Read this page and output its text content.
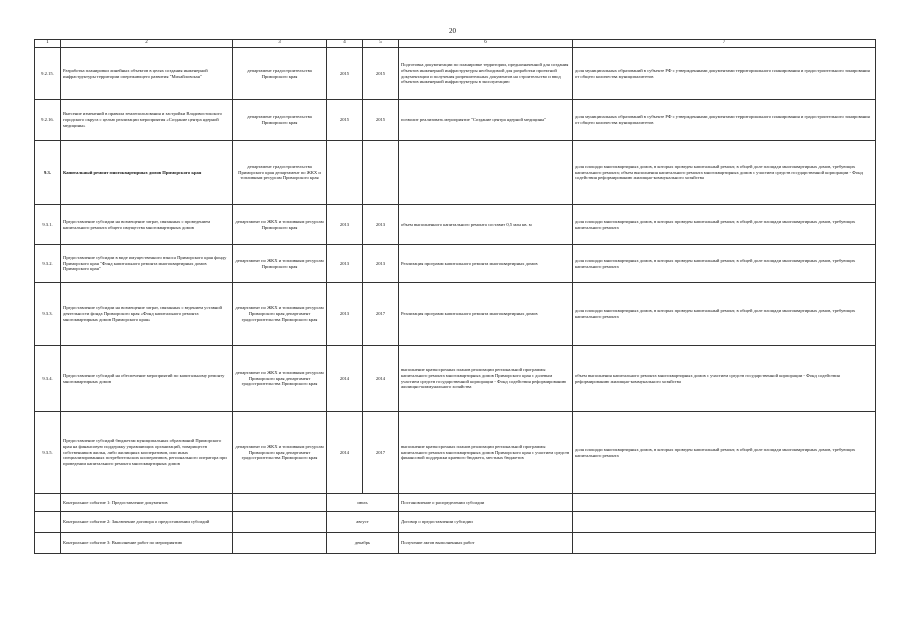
20
1	2	3	4	5	6	7
9.2.15.	Разработка планировки линейных объектов в целях создания инженерной инфраструктуры территории опережающего развития "Михайловская"	департамент градостроительства Приморского края	2015	2015	Подготовка документации по планировке территории, предназначенной для создания объектов инженерной инфраструктуры необходимой для разработки проектной документации и получения разрешительных документов на строительство и ввод объектов инженерной инфраструктуры в эксплуатацию	доля муниципальных образований в субъекте РФ с утвержденными документами территориального планирования и градостроительного зонирования от общего количества муниципалитетов
9.2.16.	Внесение изменений в правила землепользования и застройки Владивостокского городского округа с целью реализации мероприятия «Создание центра ядерной медицины»	департамент градостроительства Приморского края	2015	2015	позволит реализовать мероприятие "Создание центра ядерной медицины"	доля муниципальных образований в субъекте РФ с утвержденными документами территориального планирования и градостроительного зонирования от общего количества муниципалитетов
9.3.	Капитальный ремонт многоквартирных домов Приморского края	департамент градостроительства Приморского края департамент по ЖКХ и топливным ресурсам Приморского края				доля площади многоквартирных домов, в которых проведен капитальный ремонт, в общей доле площади многоквартирных домов, требующих капитального ремонта; объем выполнения капитального ремонта многоквартирных домов с участием средств государственной корпорации - Фонд содействия реформированию жилищно-коммунального хозяйства
9.3.1.	Предоставление субсидии на возмещение затрат, связанных с проведением капитального ремонта общего имущества многоквартирных домов	департамент по ЖКХ и топливным ресурсам Приморского края	2013	2013	объем выполненного капитального ремонта составит 0,5 млн кв. м	доля площади многоквартирных домов, в которых проведен капитальный ремонт, в общей доле площади многоквартирных домов, требующих капитального ремонта
9.3.2.	Предоставление субсидии в виде имущественного взноса Приморского края фонду Приморского края "Фонд капитального ремонта многоквартирных домов Приморского края"	департамент по ЖКХ и топливным ресурсам Приморского края	2013	2013	Реализация программ капитального ремонта многоквартирных домов	доля площади многоквартирных домов, в которых проведен капитальный ремонт, в общей доле площади многоквартирных домов, требующих капитального ремонта
9.3.3.	Предоставление субсидии на возмещение затрат, связанных с ведением уставной деятельности фонда Приморского края «Фонд капитального ремонта многоквартирных домов Приморского края»	департамент по ЖКХ и топливным ресурсам Приморского края департамент градостроительства Приморского края	2013	2017	Реализация программ капитального ремонта многоквартирных домов	доля площади многоквартирных домов, в которых проведен капитальный ремонт, в общей доле площади многоквартирных домов, требующих капитального ремонта
9.3.4.	Предоставление субсидий на обеспечение мероприятий по капитальному ремонту многоквартирных домов	департамент по ЖКХ и топливным ресурсам Приморского края департамент градостроительства Приморского края	2014	2014	выполнение краткосрочных планов реализации региональной программы капитального ремонта многоквартирных домов Приморского края с долевым участием средств государственной корпорации - Фонд содействия реформированию жилищно-коммунального хозяйства	объем выполнения капитального ремонта многоквартирных домов с участием средств государственной корпорации - Фонд содействия реформированию жилищно-коммунального хозяйства
9.3.5.	Предоставление субсидий бюджетам муниципальных образований Приморского края на финансовую поддержку управляющих организаций, товариществ собственников жилья, либо жилищных кооперативов, или иных специализированных потребительских кооперативов, регионального оператора при проведении капитального ремонта многоквартирных домов	департамент по ЖКХ и топливным ресурсам Приморского края департамент градостроительства Приморского края	2014	2017	выполнение краткосрочных планов реализации региональной программы капитального ремонта многоквартирных домов Приморского края с участием средств финансовой поддержки краевого бюджета, местных бюджетов	доля площади многоквартирных домов, в которых проведен капитальный ремонт, в общей доле площади многоквартирных домов, требующих капитального ремонта
	Контрольное событие 1: Предоставление документов		июль		Постановление о распределении субсидии	
	Контрольное событие 2: Заключение договора о предоставлении субсидий		август		Договор о предоставлении субсидии	
	Контрольное событие 3: Выполнение работ по мероприятию		декабрь		Получение актов выполненных работ	
